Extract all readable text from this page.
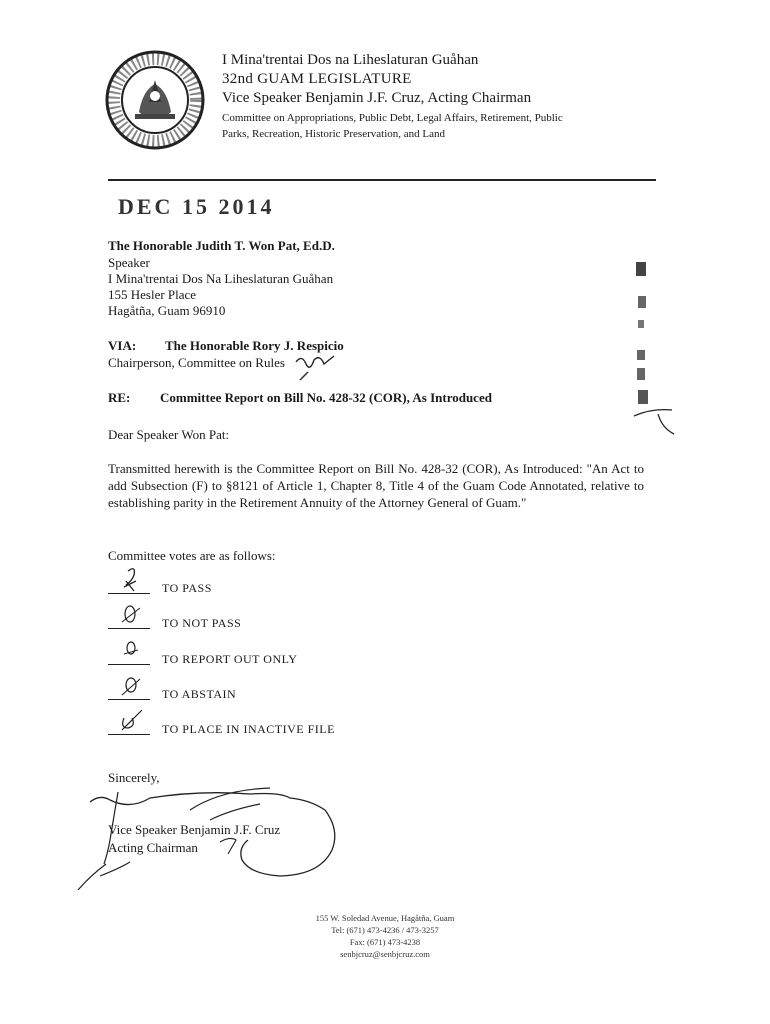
I Mina'trentai Dos na Liheslaturan Guåhan
32nd GUAM LEGISLATURE
Vice Speaker Benjamin J.F. Cruz, Acting Chairman
Committee on Appropriations, Public Debt, Legal Affairs, Retirement, Public
Parks, Recreation, Historic Preservation, and Land
DEC 15 2014
The Honorable Judith T. Won Pat, Ed.D.
Speaker
I Mina'trentai Dos Na Liheslaturan Guåhan
155 Hesler Place
Hagåtña, Guam 96910
VIA: The Honorable Rory J. Respicio
Chairperson, Committee on Rules
RE: Committee Report on Bill No. 428-32 (COR), As Introduced
Dear Speaker Won Pat:
Transmitted herewith is the Committee Report on Bill No. 428-32 (COR), As Introduced: "An Act to add Subsection (F) to §8121 of Article 1, Chapter 8, Title 4 of the Guam Code Annotated, relative to establishing parity in the Retirement Annuity of the Attorney General of Guam."
Committee votes are as follows:
TO PASS
TO NOT PASS
TO REPORT OUT ONLY
TO ABSTAIN
TO PLACE IN INACTIVE FILE
Sincerely,
Vice Speaker Benjamin J.F. Cruz
Acting Chairman
155 W. Soledad Avenue, Hagåtña, Guam
Tel: (671) 473-4236 / 473-3257
Fax: (671) 473-4238
senbjcruz@senbjcruz.com
